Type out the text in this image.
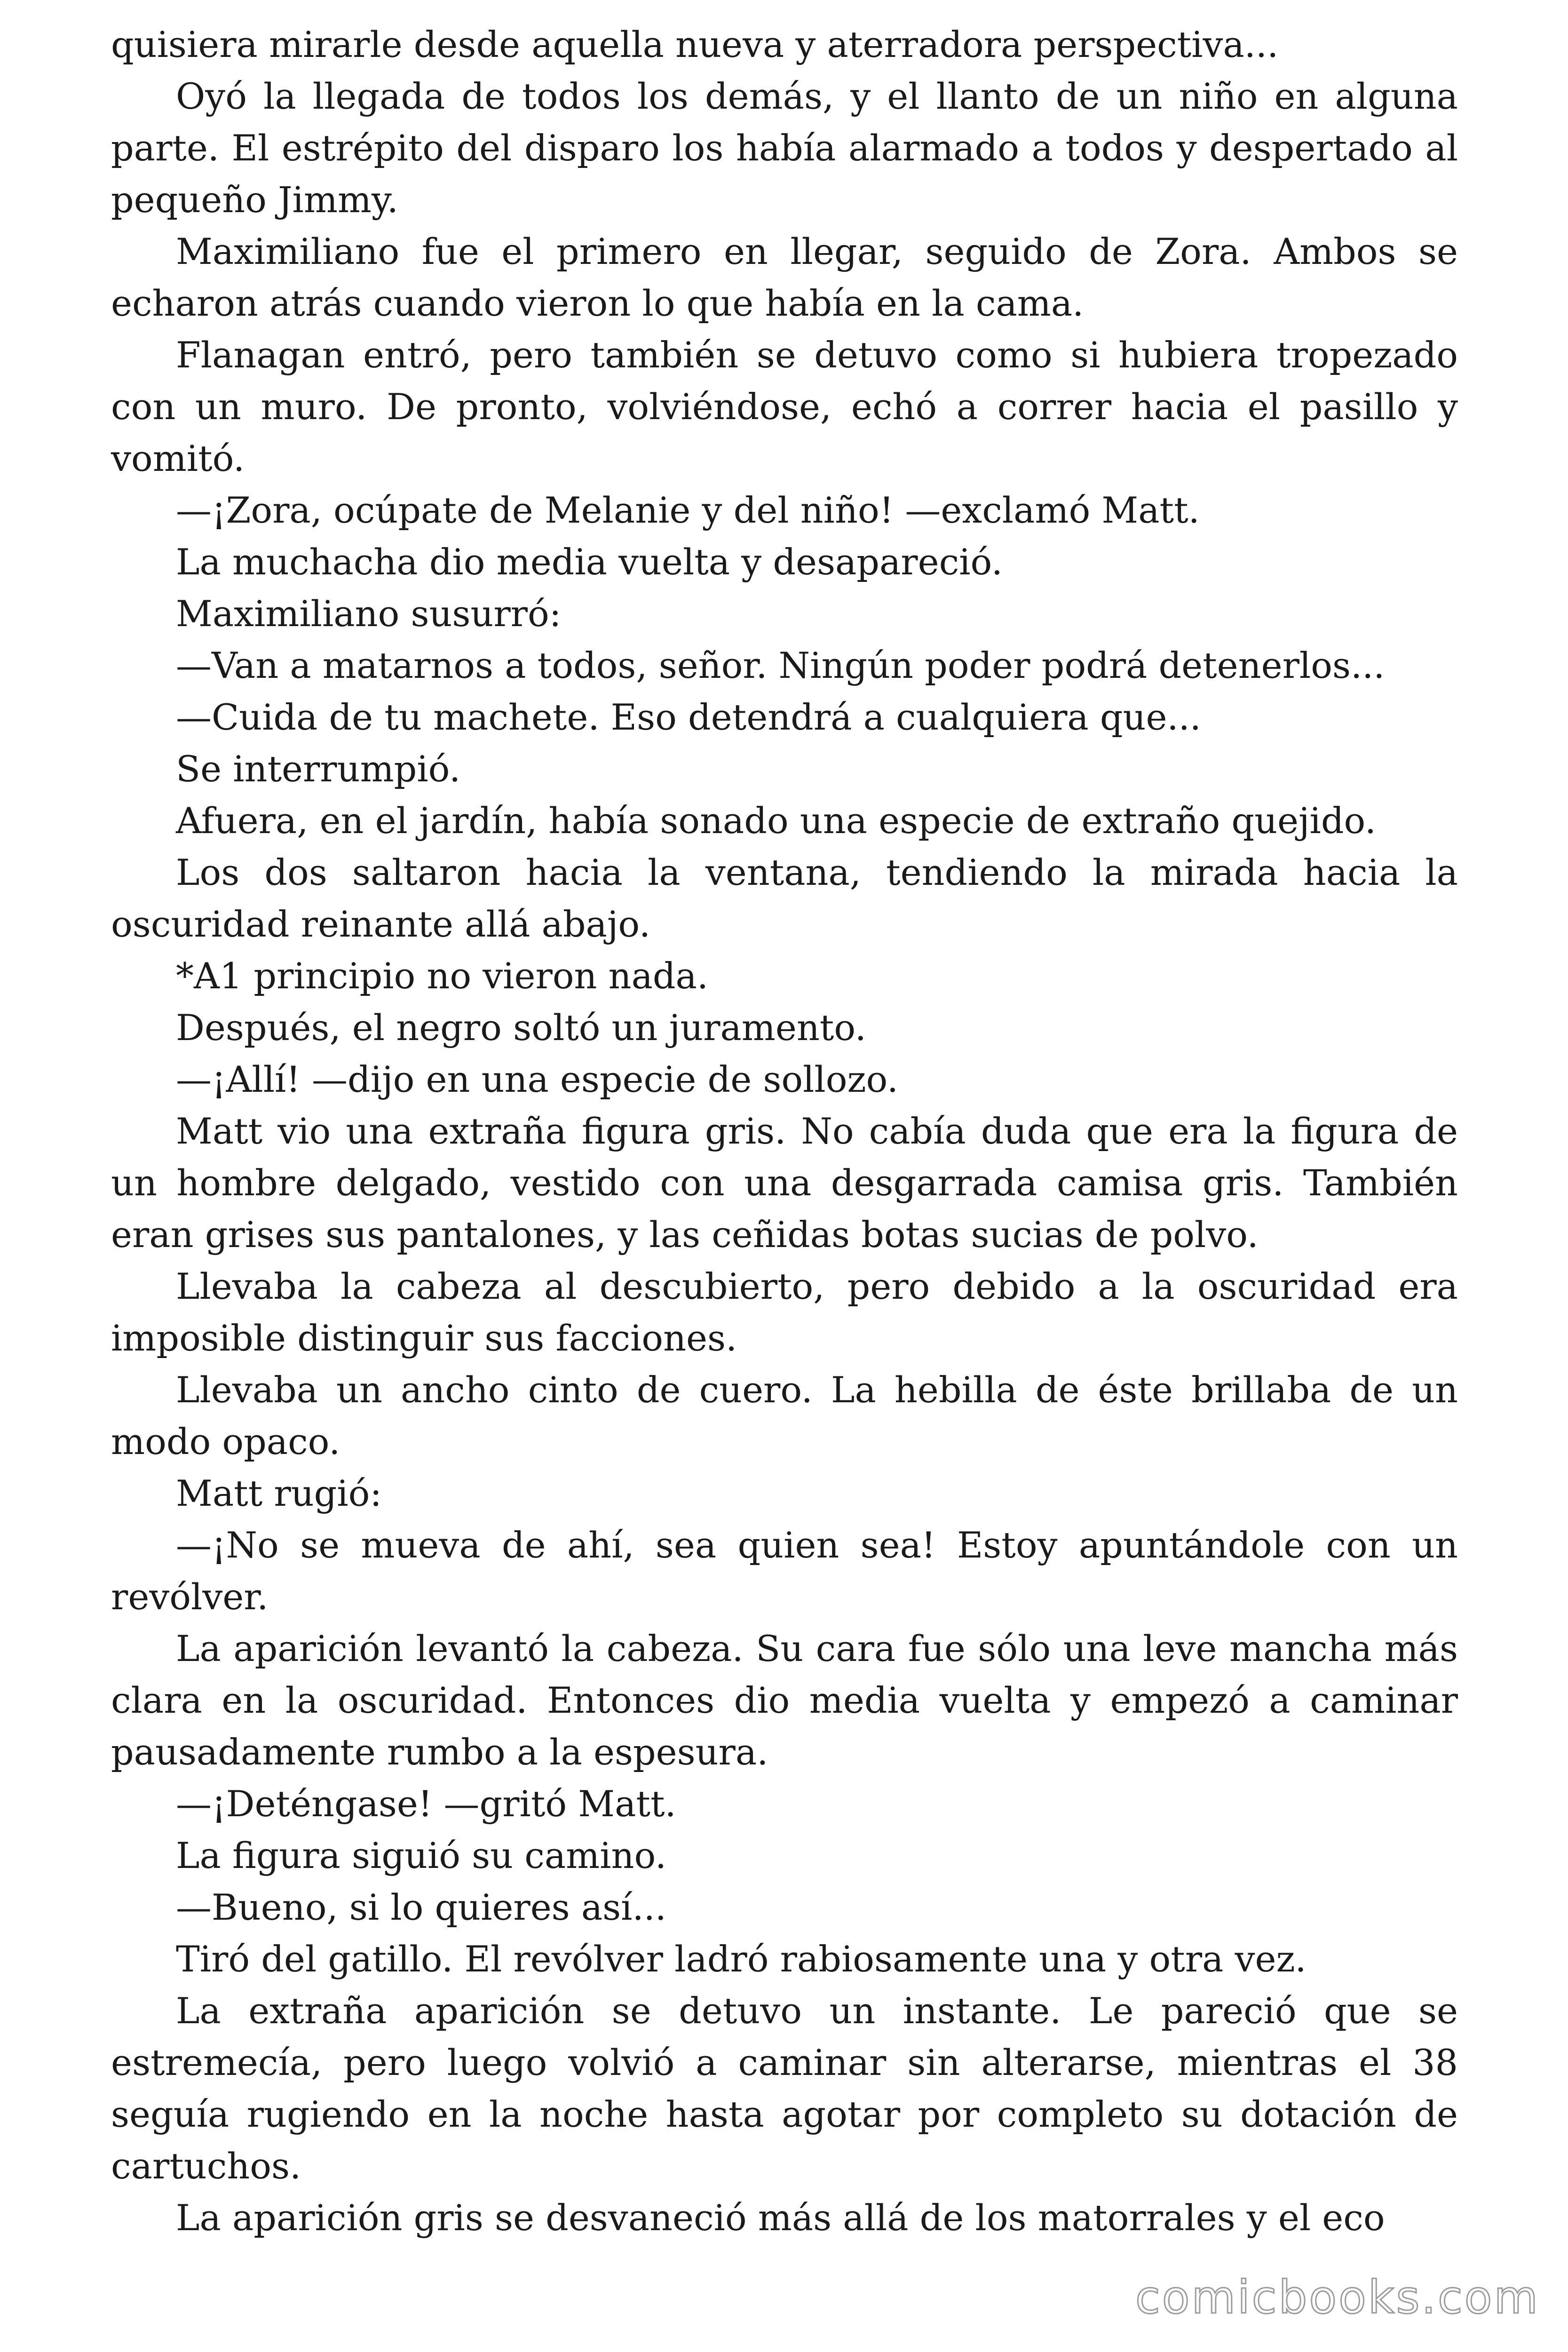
quisiera mirarle desde aquella nueva y aterradora perspectiva...

Oyó la llegada de todos los demás, y el llanto de un niño en alguna parte. El estrépito del disparo los había alarmado a todos y despertado al pequeño Jimmy.

Maximiliano fue el primero en llegar, seguido de Zora. Ambos se echaron atrás cuando vieron lo que había en la cama.

Flanagan entró, pero también se detuvo como si hubiera tropezado con un muro. De pronto, volviéndose, echó a correr hacia el pasillo y vomitó.

—¡Zora, ocúpate de Melanie y del niño! —exclamó Matt.

La muchacha dio media vuelta y desapareció.

Maximiliano susurró:

—Van a matarnos a todos, señor. Ningún poder podrá detenerlos...

—Cuida de tu machete. Eso detendrá a cualquiera que...

Se interrumpió.

Afuera, en el jardín, había sonado una especie de extraño quejido.

Los dos saltaron hacia la ventana, tendiendo la mirada hacia la oscuridad reinante allá abajo.

*A1 principio no vieron nada.

Después, el negro soltó un juramento.

—¡Allí! —dijo en una especie de sollozo.

Matt vio una extraña figura gris. No cabía duda que era la figura de un hombre delgado, vestido con una desgarrada camisa gris. También eran grises sus pantalones, y las ceñidas botas sucias de polvo.

Llevaba la cabeza al descubierto, pero debido a la oscuridad era imposible distinguir sus facciones.

Llevaba un ancho cinto de cuero. La hebilla de éste brillaba de un modo opaco.

Matt rugió:

—¡No se mueva de ahí, sea quien sea! Estoy apuntándole con un revólver.

La aparición levantó la cabeza. Su cara fue sólo una leve mancha más clara en la oscuridad. Entonces dio media vuelta y empezó a caminar pausadamente rumbo a la espesura.

—¡Deténgase! —gritó Matt.

La figura siguió su camino.

—Bueno, si lo quieres así...

Tiró del gatillo. El revólver ladró rabiosamente una y otra vez.

La extraña aparición se detuvo un instante. Le pareció que se estremecía, pero luego volvió a caminar sin alterarse, mientras el 38 seguía rugiendo en la noche hasta agotar por completo su dotación de cartuchos.

La aparición gris se desvaneció más allá de los matorrales y el eco

comicbooks.com
